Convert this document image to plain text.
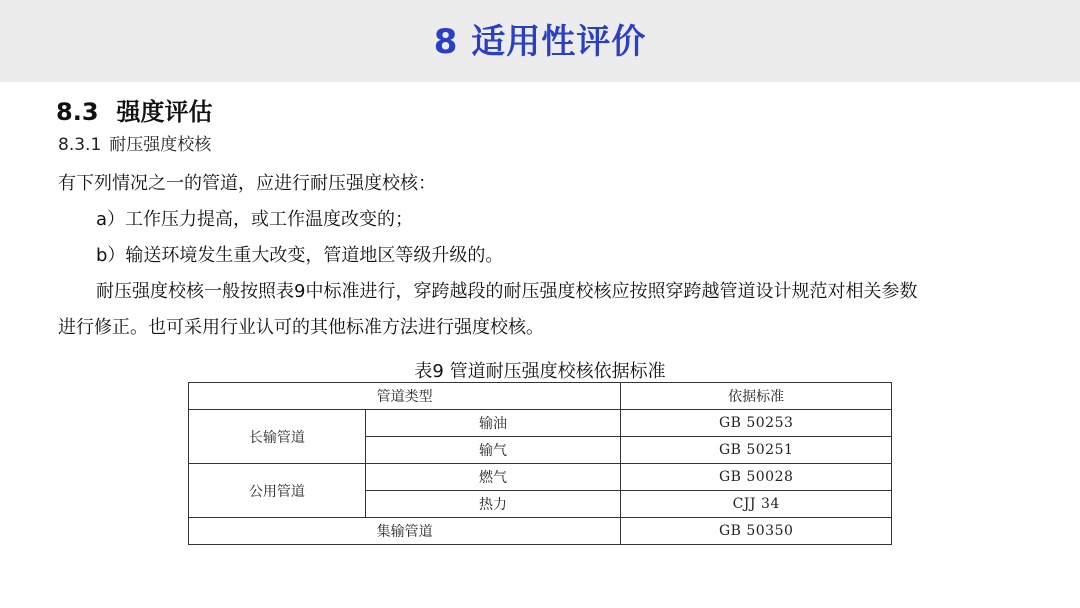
8 适用性评价
8.3 强度评估
8.3.1 耐压强度校核
有下列情况之一的管道，应进行耐压强度校核：
a）工作压力提高，或工作温度改变的；
b）输送环境发生重大改变，管道地区等级升级的。
耐压强度校核一般按照表9中标准进行，穿跨越段的耐压强度校核应按照穿跨越管道设计规范对相关参数
进行修正。也可采用行业认可的其他标准方法进行强度校核。
表9 管道耐压强度校核依据标准
管道类型		依据标准
长输管道	输油	GB 50253
	输气	GB 50251
公用管道	燃气	GB 50028
	热力	CJJ 34
集输管道		GB 50350
